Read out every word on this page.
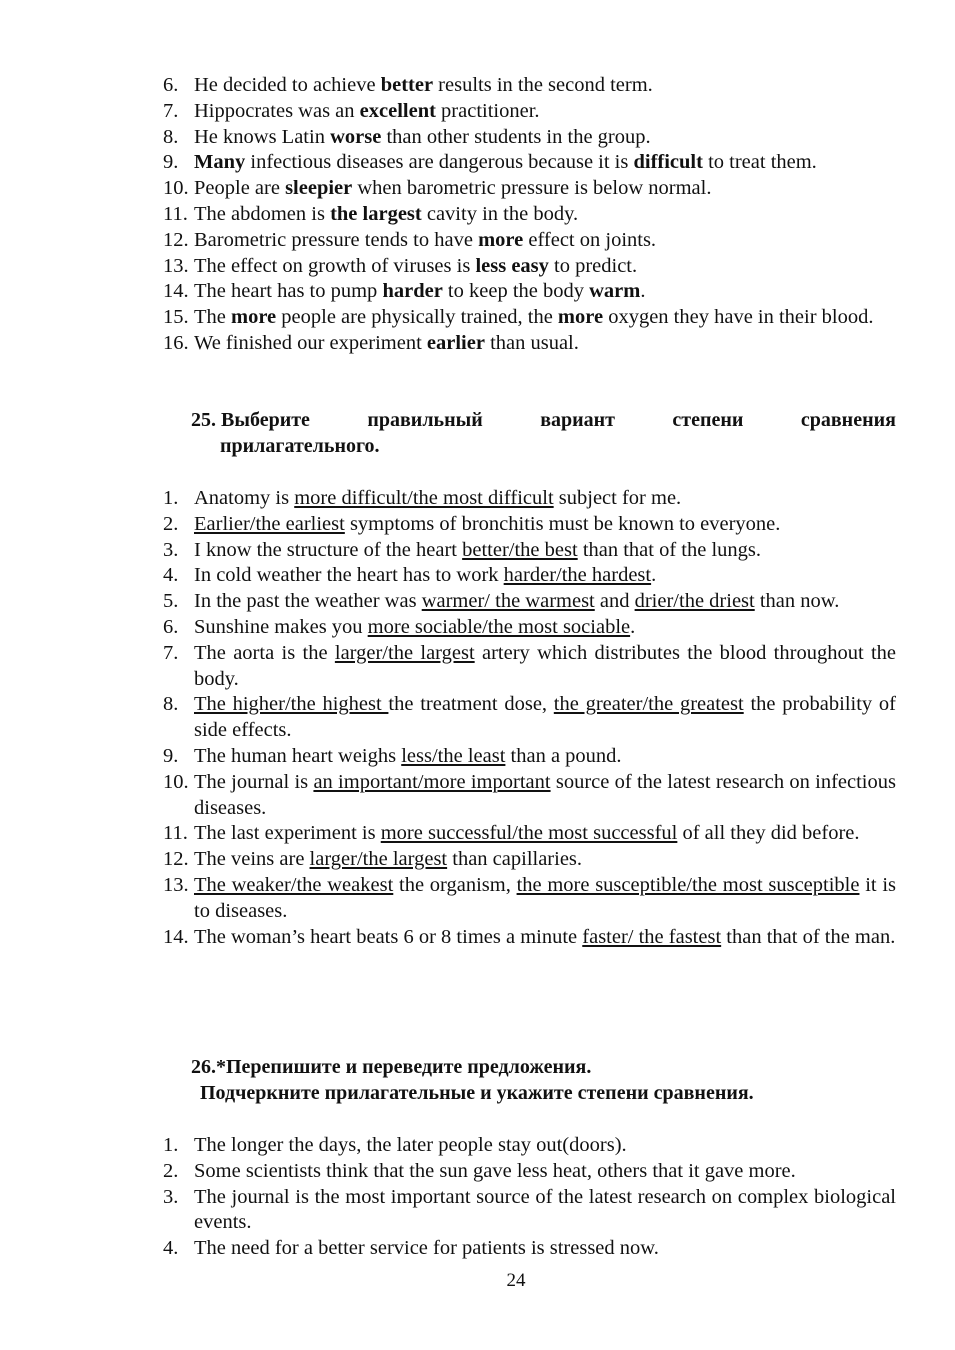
6. He decided to achieve better results in the second term.
7. Hippocrates was an excellent practitioner.
8. He knows Latin worse than other students in the group.
9. Many infectious diseases are dangerous because it is difficult to treat them.
10. People are sleepier when barometric pressure is below normal.
11. The abdomen is the largest cavity in the body.
12. Barometric pressure tends to have more effect on joints.
13. The effect on growth of viruses is less easy to predict.
14. The heart has to pump harder to keep the body warm.
15. The more people are physically trained, the more oxygen they have in their blood.
16. We finished our experiment earlier than usual.
25. Выберите	правильный	вариант	степени	сравнения
прилагательного.
1. Anatomy is more difficult/the most difficult subject for me.
2. Earlier/the earliest symptoms of bronchitis must be known to everyone.
3. I know the structure of the heart better/the best than that of the lungs.
4. In cold weather the heart has to work harder/the hardest.
5. In the past the weather was warmer/ the warmest and drier/the driest than now.
6. Sunshine makes you more sociable/the most sociable.
7. The aorta is the larger/the largest artery which distributes the blood throughout the body.
8. The higher/the highest the treatment dose, the greater/the greatest the probability of side effects.
9. The human heart weighs less/the least than a pound.
10. The journal is an important/more important source of the latest research on infectious diseases.
11. The last experiment is more successful/the most successful of all they did before.
12. The veins are larger/the largest than capillaries.
13. The weaker/the weakest the organism, the more susceptible/the most susceptible it is to diseases.
14. The woman’s heart beats 6 or 8 times a minute faster/ the fastest than that of the man.
26.*Перепишите и переведите предложения.
Подчеркните прилагательные и укажите степени сравнения.
1. The longer the days, the later people stay out(doors).
2. Some scientists think that the sun gave less heat, others that it gave more.
3. The journal is the most important source of the latest research on complex biological events.
4. The need for a better service for patients is stressed now.
24
